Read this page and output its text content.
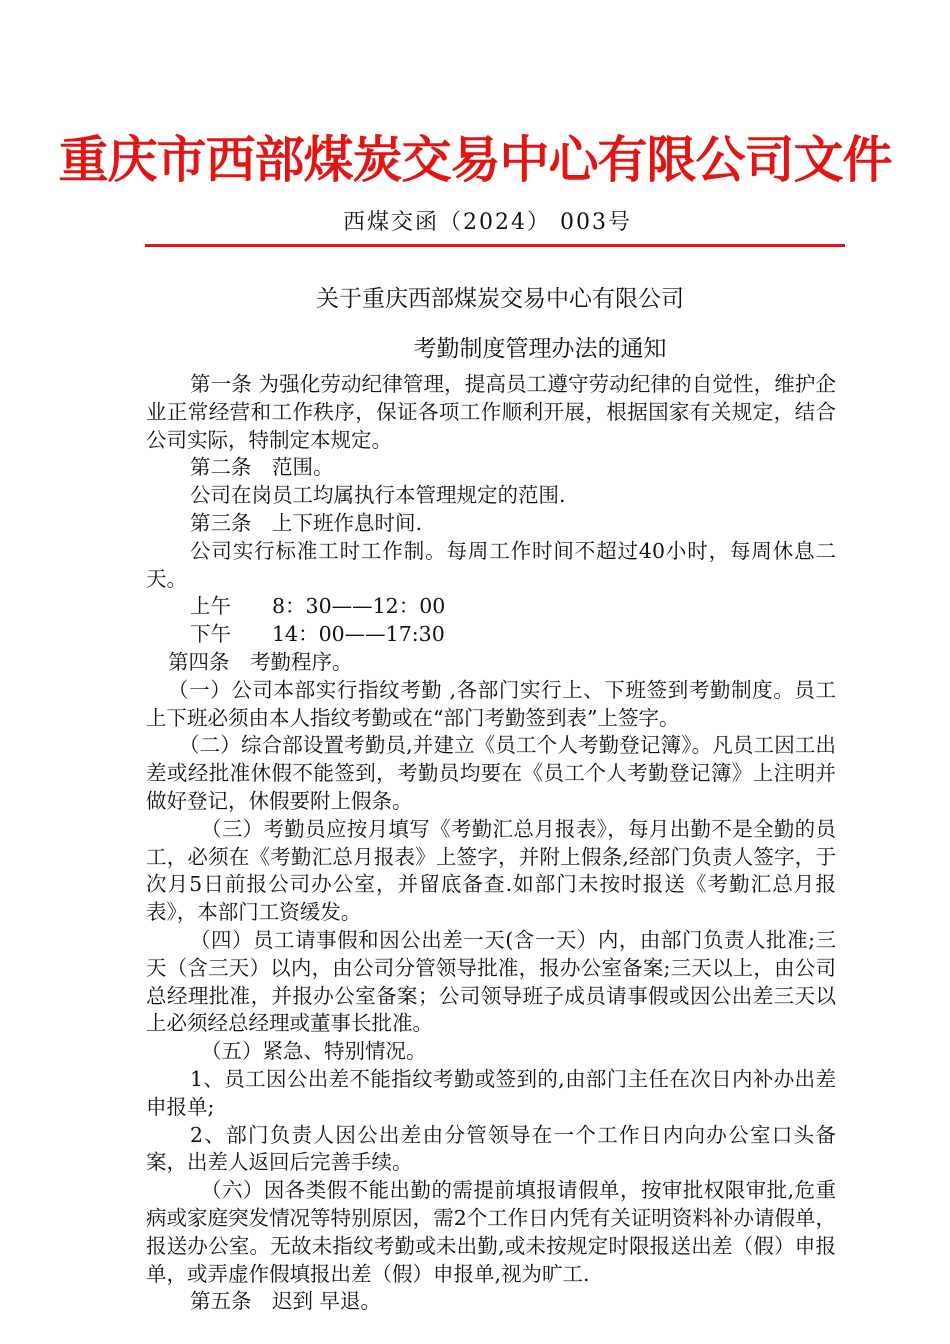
重庆市西部煤炭交易中心有限公司文件
西煤交函（2024） 003号
关于重庆西部煤炭交易中心有限公司
考勤制度管理办法的通知

第一条 为强化劳动纪律管理，提高员工遵守劳动纪律的自觉性，维护企业正常经营和工作秩序，保证各项工作顺利开展，根据国家有关规定，结合公司实际，特制定本规定。

第二条　范围。

公司在岗员工均属执行本管理规定的范围.

第三条　上下班作息时间.

公司实行标准工时工作制。每周工作时间不超过40小时，每周休息二天。

上午　　8：30——12：00

下午　　14：00——17:30

第四条　考勤程序。

（一）公司本部实行指纹考勤 ,各部门实行上、下班签到考勤制度。员工上下班必须由本人指纹考勤或在“部门考勤签到表”上签字。

（二）综合部设置考勤员,并建立《员工个人考勤登记簿》。凡员工因工出差或经批准休假不能签到，考勤员均要在《员工个人考勤登记簿》上注明并做好登记，休假要附上假条。

（三）考勤员应按月填写《考勤汇总月报表》，每月出勤不是全勤的员工，必须在《考勤汇总月报表》上签字，并附上假条,经部门负责人签字，于次月5日前报公司办公室，并留底备查.如部门未按时报送《考勤汇总月报表》，本部门工资缓发。

（四）员工请事假和因公出差一天(含一天）内，由部门负责人批准;三天（含三天）以内，由公司分管领导批准，报办公室备案;三天以上，由公司总经理批准，并报办公室备案；公司领导班子成员请事假或因公出差三天以上必须经总经理或董事长批准。

（五）紧急、特别情况。

1、员工因公出差不能指纹考勤或签到的,由部门主任在次日内补办出差申报单;

2、部门负责人因公出差由分管领导在一个工作日内向办公室口头备案，出差人返回后完善手续。

（六）因各类假不能出勤的需提前填报请假单，按审批权限审批,危重病或家庭突发情况等特别原因，需2个工作日内凭有关证明资料补办请假单，报送办公室。无故未指纹考勤或未出勤,或未按规定时限报送出差（假）申报单，或弄虚作假填报出差（假）申报单,视为旷工.

第五条　迟到 早退。
